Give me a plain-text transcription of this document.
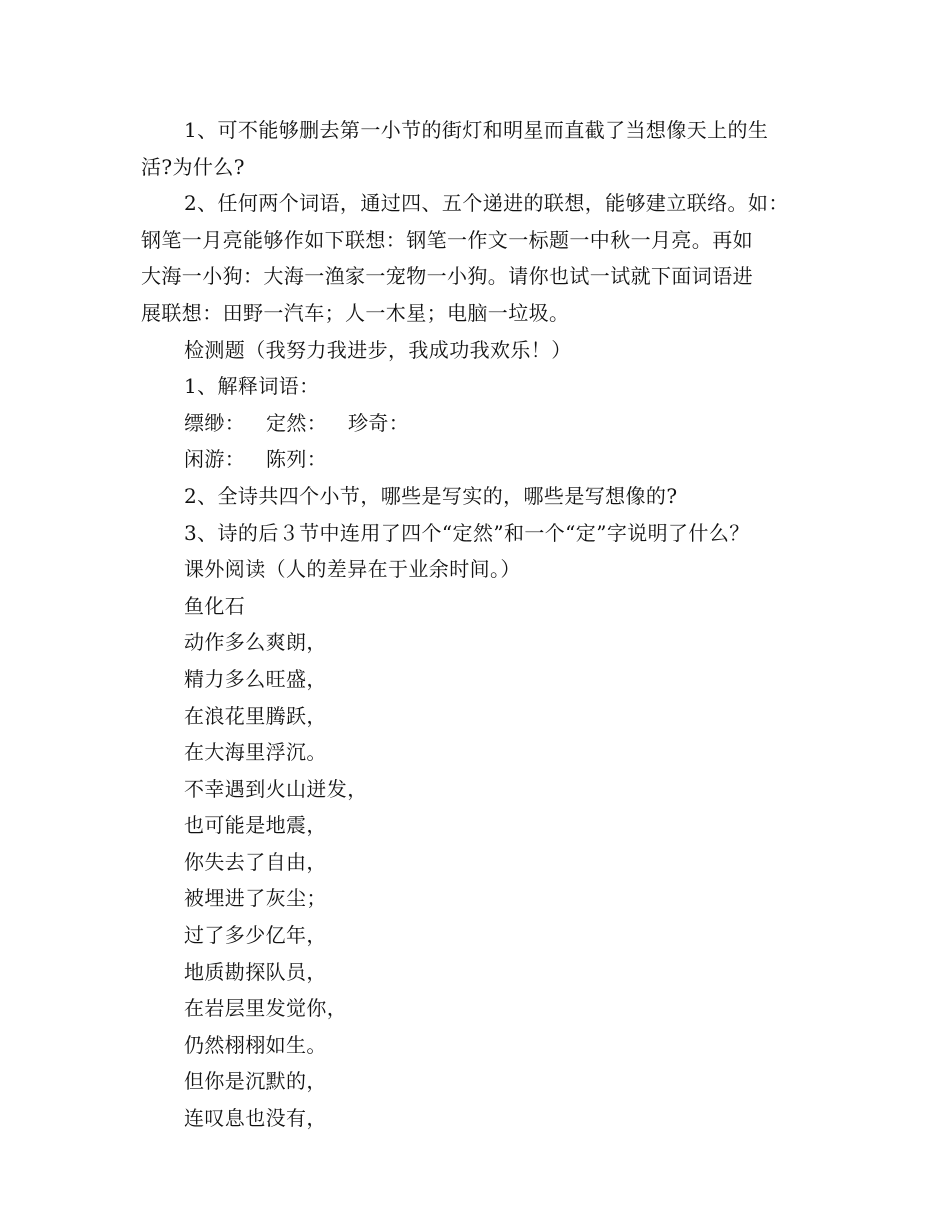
1、可不能够删去第一小节的街灯和明星而直截了当想像天上的生
活?为什么?
2、任何两个词语，通过四、五个递进的联想，能够建立联络。如：
钢笔一月亮能够作如下联想：钢笔一作文一标题一中秋一月亮。再如
大海一小狗：大海一渔家一宠物一小狗。请你也试一试就下面词语进
展联想：田野一汽车；人一木星；电脑一垃圾。
检测题（我努力我进步，我成功我欢乐！）
1、解释词语：
缥缈： 定然： 珍奇：
闲游： 陈列：
2、全诗共四个小节，哪些是写实的，哪些是写想像的?
3、诗的后３节中连用了四个“定然”和一个“定”字说明了什么？
课外阅读（人的差异在于业余时间。）
鱼化石
动作多么爽朗，
精力多么旺盛，
在浪花里腾跃，
在大海里浮沉。
不幸遇到火山迸发，
也可能是地震，
你失去了自由，
被埋进了灰尘；
过了多少亿年，
地质勘探队员，
在岩层里发觉你，
仍然栩栩如生。
但你是沉默的，
连叹息也没有，
